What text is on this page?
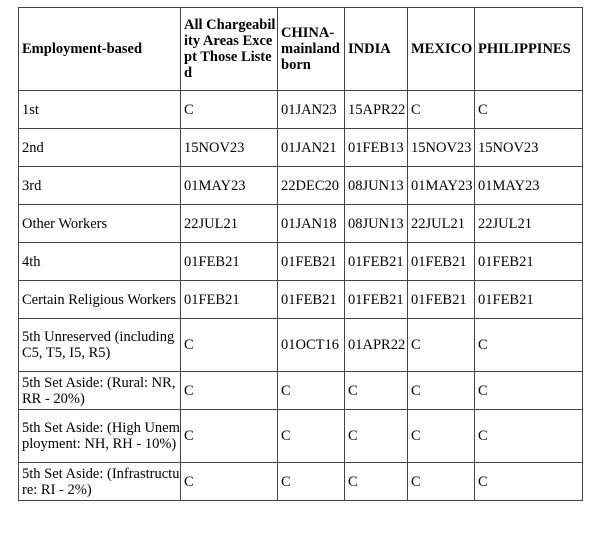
Employment-based	All Chargeability Areas Except Those Listed	CHINA-mainland born	INDIA	MEXICO	PHILIPPINES
1st	C	01JAN23	15APR22	C	C
2nd	15NOV23	01JAN21	01FEB13	15NOV23	15NOV23
3rd	01MAY23	22DEC20	08JUN13	01MAY23	01MAY23
Other Workers	22JUL21	01JAN18	08JUN13	22JUL21	22JUL21
4th	01FEB21	01FEB21	01FEB21	01FEB21	01FEB21
Certain Religious Workers	01FEB21	01FEB21	01FEB21	01FEB21	01FEB21
5th Unreserved (including C5, T5, I5, R5)	C	01OCT16	01APR22	C	C
5th Set Aside: (Rural: NR, RR - 20%)	C	C	C	C	C
5th Set Aside: (High Unemployment: NH, RH - 10%)	C	C	C	C	C
5th Set Aside: (Infrastructure: RI - 2%)	C	C	C	C	C
